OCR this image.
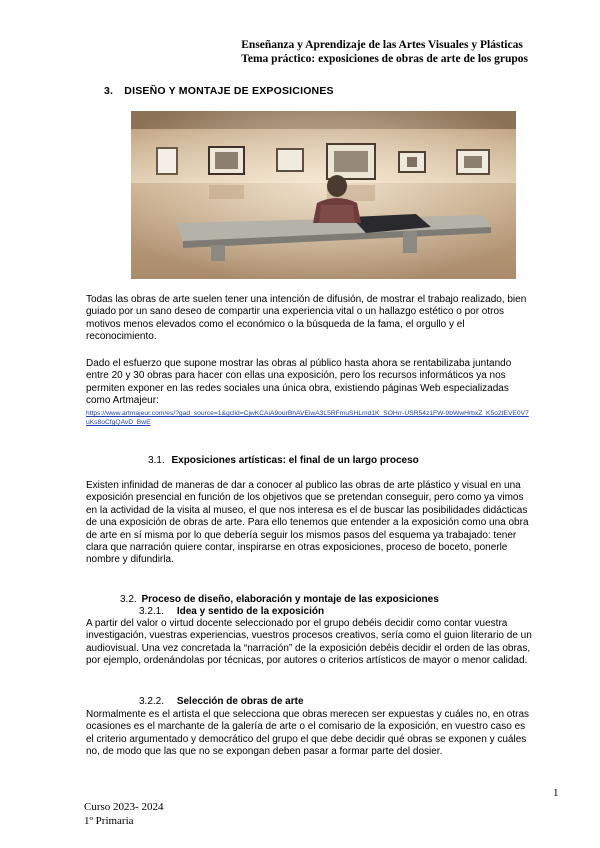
Enseñanza y Aprendizaje de las Artes Visuales y Plásticas
Tema práctico: exposiciones de obras de arte de los grupos
3. DISEÑO Y MONTAJE DE EXPOSICIONES
Todas las obras de arte suelen tener una intención de difusión, de mostrar el trabajo realizado, bien guiado por un sano deseo de compartir una experiencia vital o un hallazgo estético o por otros motivos menos elevados como el económico o la búsqueda de la fama, el orgullo y el reconocimiento.
Dado el esfuerzo que supone mostrar las obras al público hasta ahora se rentabilizaba juntando entre 20 y 30 obras para hacer con ellas una exposición, pero los recursos informáticos ya nos permiten exponer en las redes sociales una única obra, existiendo páginas Web especializadas como Artmajeur:
https://www.artmajeur.com/es/?gad_source=1&gclid=CjwKCAiA9ourBhAVEiwA3L5RFmuSHLmd1K_SOHrr-USR54z1FW-9bWwHrbxZ_K5o2tEVE0V7uKs8oCfgQAvD_BwE
3.1. Exposiciones artísticas: el final de un largo proceso
Existen infinidad de maneras de dar a conocer al publico las obras de arte plástico y visual en una exposición presencial en función de los objetivos que se pretendan conseguir, pero como ya vimos en la actividad de la visita al museo, el que nos interesa es el de buscar las posibilidades didácticas de una exposición de obras de arte. Para ello tenemos que entender a la exposición como una obra de arte en sí misma por lo que debería seguir los mismos pasos del esquema ya trabajado: tener clara que narración quiere contar, inspirarse en otras exposiciones, proceso de boceto, ponerle nombre y difundirla.
3.2. Proceso de diseño, elaboración y montaje de las exposiciones
3.2.1. Idea y sentido de la exposición
A partir del valor o virtud docente seleccionado por el grupo debéis decidir como contar vuestra investigación, vuestras experiencias, vuestros procesos creativos, sería como el guion literario de un audiovisual. Una vez concretada la “narración” de la exposición debéis decidir el orden de las obras, por ejemplo, ordenándolas por técnicas, por autores o criterios artísticos de mayor o menor calidad.
3.2.2. Selección de obras de arte
Normalmente es el artista el que selecciona que obras merecen ser expuestas y cuáles no, en otras ocasiones es el marchante de la galería de arte o el comisario de la exposición, en vuestro caso es el criterio argumentado y democrático del grupo el que debe decidir qué obras se exponen y cuáles no, de modo que las que no se expongan deben pasar a formar parte del dosier.
1
Curso 2023- 2024
1º Primaria
